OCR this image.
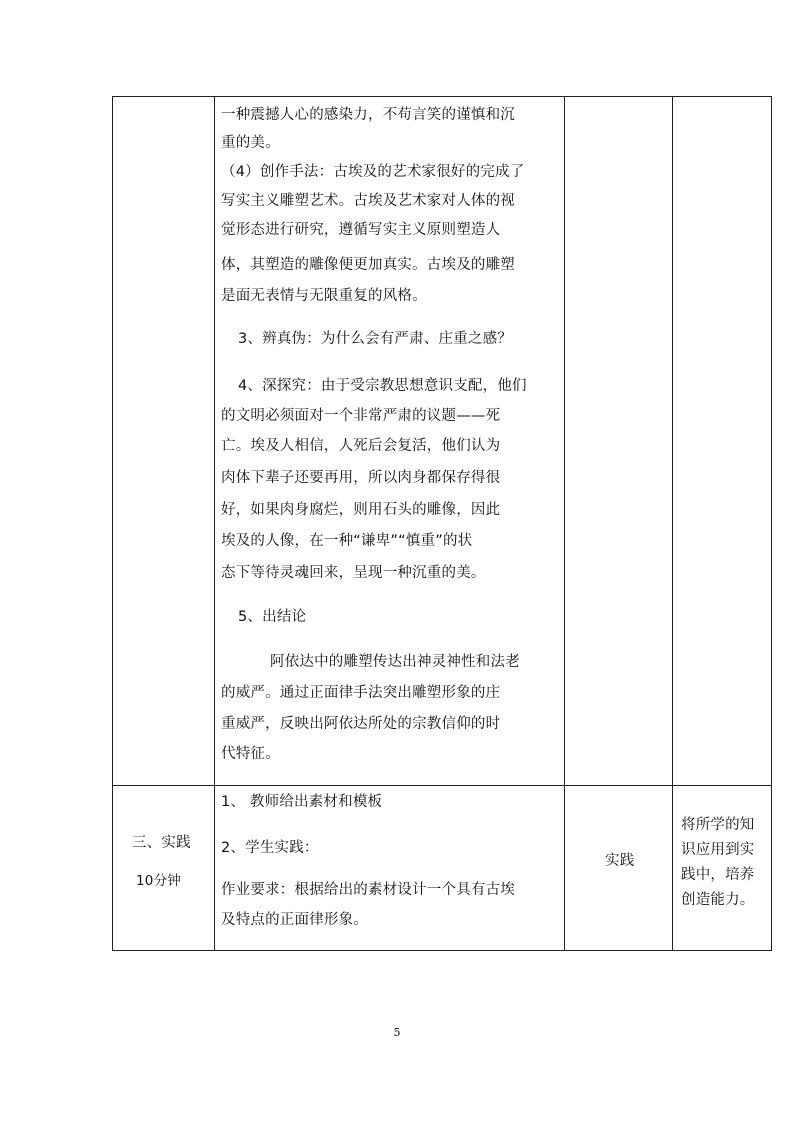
一种震撼人心的感染力，不苟言笑的谨慎和沉
重的美。
（4）创作手法：古埃及的艺术家很好的完成了
写实主义雕塑艺术。古埃及艺术家对人体的视
觉形态进行研究，遵循写实主义原则塑造人
体，其塑造的雕像便更加真实。古埃及的雕塑
是面无表情与无限重复的风格。
3、辨真伪：为什么会有严肃、庄重之感？
4、深探究：由于受宗教思想意识支配，他们
的文明必须面对一个非常严肃的议题——死
亡。埃及人相信，人死后会复活，他们认为
肉体下辈子还要再用，所以肉身都保存得很
好，如果肉身腐烂，则用石头的雕像，因此
埃及的人像，在一种“谦卑”“慎重”的状
态下等待灵魂回来，呈现一种沉重的美。
5、出结论
阿依达中的雕塑传达出神灵神性和法老
的威严。通过正面律手法突出雕塑形象的庄
重威严，反映出阿依达所处的宗教信仰的时
代特征。
三、实践
10分钟
1、 教师给出素材和模板
2、学生实践：
作业要求：根据给出的素材设计一个具有古埃
及特点的正面律形象。
实践
将所学的知
识应用到实
践中，培养
创造能力。
5
